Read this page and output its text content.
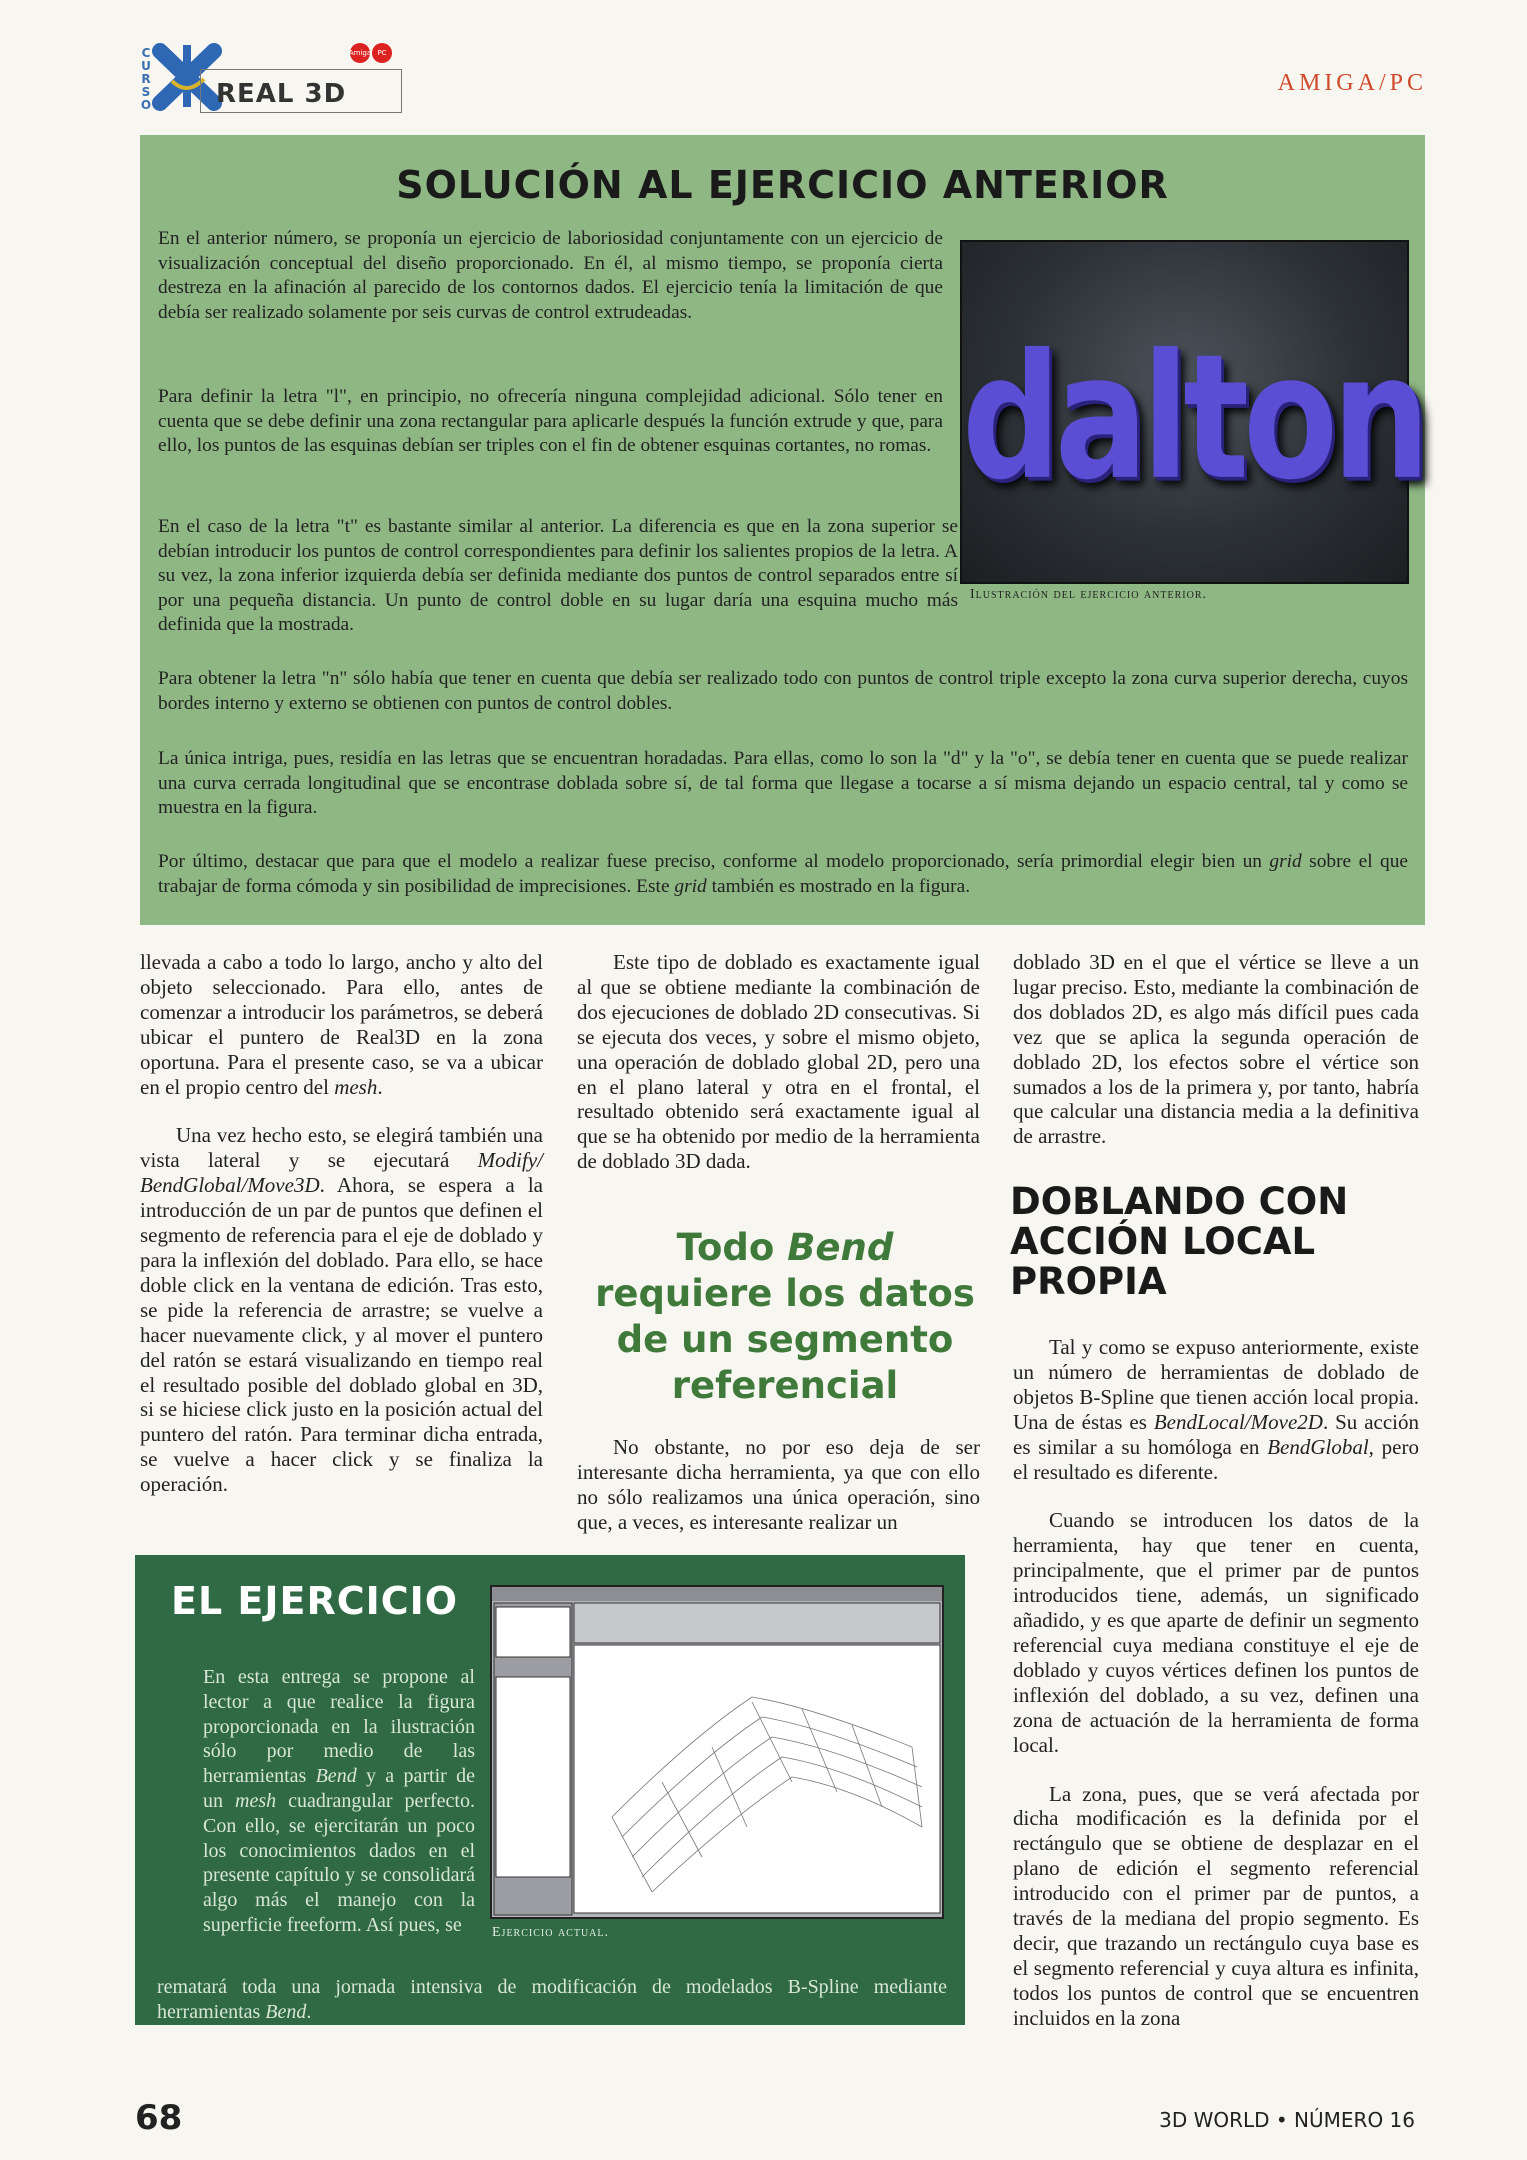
CURSO REAL 3D
Amiga PC
AMIGA/PC
SOLUCIÓN AL EJERCICIO ANTERIOR

En el anterior número, se proponía un ejercicio de laboriosidad conjuntamente con un ejercicio de visualización conceptual del diseño proporcionado. En él, al mismo tiempo, se proponía cierta destreza en la afinación al parecido de los contornos dados. El ejercicio tenía la limitación de que debía ser realizado solamente por seis curvas de control extrudeadas.

Para definir la letra "l", en principio, no ofrecería ninguna complejidad adicional. Sólo tener en cuenta que se debe definir una zona rectangular para aplicarle después la función extrude y que, para ello, los puntos de las esquinas debían ser triples con el fin de obtener esquinas cortantes, no romas.

En el caso de la letra "t" es bastante similar al anterior. La diferencia es que en la zona superior se debían introducir los puntos de control correspondientes para definir los salientes propios de la letra. A su vez, la zona inferior izquierda debía ser definida mediante dos puntos de control separados entre sí por una pequeña distancia. Un punto de control doble en su lugar daría una esquina mucho más definida que la mostrada.

Para obtener la letra "n" sólo había que tener en cuenta que debía ser realizado todo con puntos de control triple excepto la zona curva superior derecha, cuyos bordes interno y externo se obtienen con puntos de control dobles.

La única intriga, pues, residía en las letras que se encuentran horadadas. Para ellas, como lo son la "d" y la "o", se debía tener en cuenta que se puede realizar una curva cerrada longitudinal que se encontrase doblada sobre sí, de tal forma que llegase a tocarse a sí misma dejando un espacio central, tal y como se muestra en la figura.

Por último, destacar que para que el modelo a realizar fuese preciso, conforme al modelo proporcionado, sería primordial elegir bien un grid sobre el que trabajar de forma cómoda y sin posibilidad de imprecisiones. Este grid también es mostrado en la figura.

dalton
Ilustración del ejercicio anterior.

llevada a cabo a todo lo largo, ancho y alto del objeto seleccionado. Para ello, antes de comenzar a introducir los parámetros, se deberá ubicar el puntero de Real3D en la zona oportuna. Para el presente caso, se va a ubicar en el propio centro del mesh.

Una vez hecho esto, se elegirá también una vista lateral y se ejecutará Modify/ BendGlobal/Move3D. Ahora, se espera a la introducción de un par de puntos que definen el segmento de referencia para el eje de doblado y para la inflexión del doblado. Para ello, se hace doble click en la ventana de edición. Tras esto, se pide la referencia de arrastre; se vuelve a hacer nuevamente click, y al mover el puntero del ratón se estará visualizando en tiempo real el resultado posible del doblado global en 3D, si se hiciese click justo en la posición actual del puntero del ratón. Para terminar dicha entrada, se vuelve a hacer click y se finaliza la operación.

Este tipo de doblado es exactamente igual al que se obtiene mediante la combinación de dos ejecuciones de doblado 2D consecutivas. Si se ejecuta dos veces, y sobre el mismo objeto, una operación de doblado global 2D, pero una en el plano lateral y otra en el frontal, el resultado obtenido será exactamente igual al que se ha obtenido por medio de la herramienta de doblado 3D dada.

Todo Bend requiere los datos de un segmento referencial

No obstante, no por eso deja de ser interesante dicha herramienta, ya que con ello no sólo realizamos una única operación, sino que, a veces, es interesante realizar un

doblado 3D en el que el vértice se lleve a un lugar preciso. Esto, mediante la combinación de dos doblados 2D, es algo más difícil pues cada vez que se aplica la segunda operación de doblado 2D, los efectos sobre el vértice son sumados a los de la primera y, por tanto, habría que calcular una distancia media a la definitiva de arrastre.

DOBLANDO CON ACCIÓN LOCAL PROPIA

Tal y como se expuso anteriormente, existe un número de herramientas de doblado de objetos B-Spline que tienen acción local propia. Una de éstas es BendLocal/Move2D. Su acción es similar a su homóloga en BendGlobal, pero el resultado es diferente.

Cuando se introducen los datos de la herramienta, hay que tener en cuenta, principalmente, que el primer par de puntos introducidos tiene, además, un significado añadido, y es que aparte de definir un segmento referencial cuya mediana constituye el eje de doblado y cuyos vértices definen los puntos de inflexión del doblado, a su vez, definen una zona de actuación de la herramienta de forma local.

La zona, pues, que se verá afectada por dicha modificación es la definida por el rectángulo que se obtiene de desplazar en el plano de edición el segmento referencial introducido con el primer par de puntos, a través de la mediana del propio segmento. Es decir, que trazando un rectángulo cuya base es el segmento referencial y cuya altura es infinita, todos los puntos de control que se encuentren incluidos en la zona

EL EJERCICIO

En esta entrega se propone al lector a que realice la figura proporcionada en la ilustración sólo por medio de las herramientas Bend y a partir de un mesh cuadrangular perfecto. Con ello, se ejercitarán un poco los conocimientos dados en el presente capítulo y se consolidará algo más el manejo con la superficie freeform. Así pues, se

rematará toda una jornada intensiva de modificación de modelados B-Spline mediante herramientas Bend.

Ejercicio actual.
68	3D WORLD • NÚMERO 16
